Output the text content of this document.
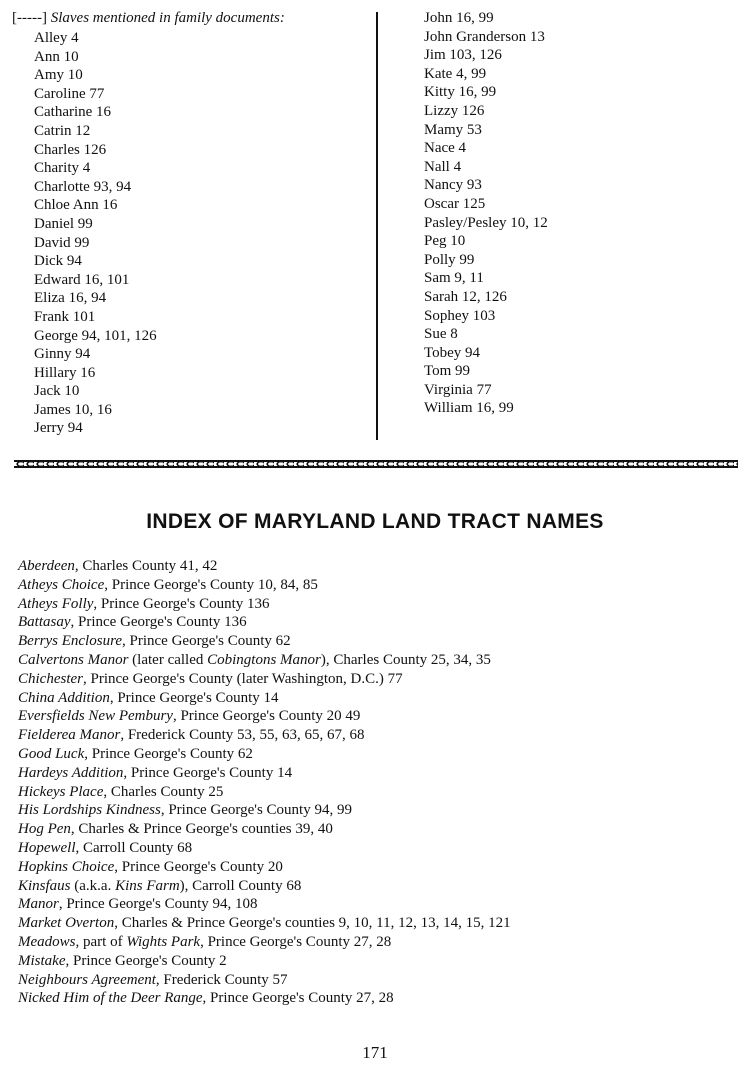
[-----] Slaves mentioned in family documents:
Alley 4
Ann 10
Amy 10
Caroline 77
Catharine 16
Catrin 12
Charles 126
Charity 4
Charlotte 93, 94
Chloe Ann 16
Daniel 99
David 99
Dick 94
Edward 16, 101
Eliza 16, 94
Frank 101
George 94, 101, 126
Ginny 94
Hillary 16
Jack 10
James 10, 16
Jerry 94
John 16, 99
John Granderson 13
Jim 103, 126
Kate 4, 99
Kitty 16, 99
Lizzy 126
Mamy 53
Nace 4
Nall 4
Nancy 93
Oscar 125
Pasley/Pesley 10, 12
Peg 10
Polly 99
Sam 9, 11
Sarah 12, 126
Sophey 103
Sue 8
Tobey 94
Tom 99
Virginia 77
William 16, 99
INDEX OF MARYLAND LAND TRACT NAMES
Aberdeen, Charles County 41, 42
Atheys Choice, Prince George's County 10, 84, 85
Atheys Folly, Prince George's County 136
Battasay, Prince George's County 136
Berrys Enclosure, Prince George's County 62
Calvertons Manor (later called Cobingtons Manor), Charles County 25, 34, 35
Chichester, Prince George's County (later Washington, D.C.) 77
China Addition, Prince George's County 14
Eversfields New Pembury, Prince George's County 20 49
Fielderea Manor, Frederick County 53, 55, 63, 65, 67, 68
Good Luck, Prince George's County 62
Hardeys Addition, Prince George's County 14
Hickeys Place, Charles County 25
His Lordships Kindness, Prince George's County 94, 99
Hog Pen, Charles & Prince George's counties 39, 40
Hopewell, Carroll County 68
Hopkins Choice, Prince George's County 20
Kinsfaus (a.k.a. Kins Farm), Carroll County 68
Manor, Prince George's County 94, 108
Market Overton, Charles & Prince George's counties 9, 10, 11, 12, 13, 14, 15, 121
Meadows, part of Wights Park, Prince George's County 27, 28
Mistake, Prince George's County 2
Neighbours Agreement, Frederick County 57
Nicked Him of the Deer Range, Prince George's County 27, 28
171
